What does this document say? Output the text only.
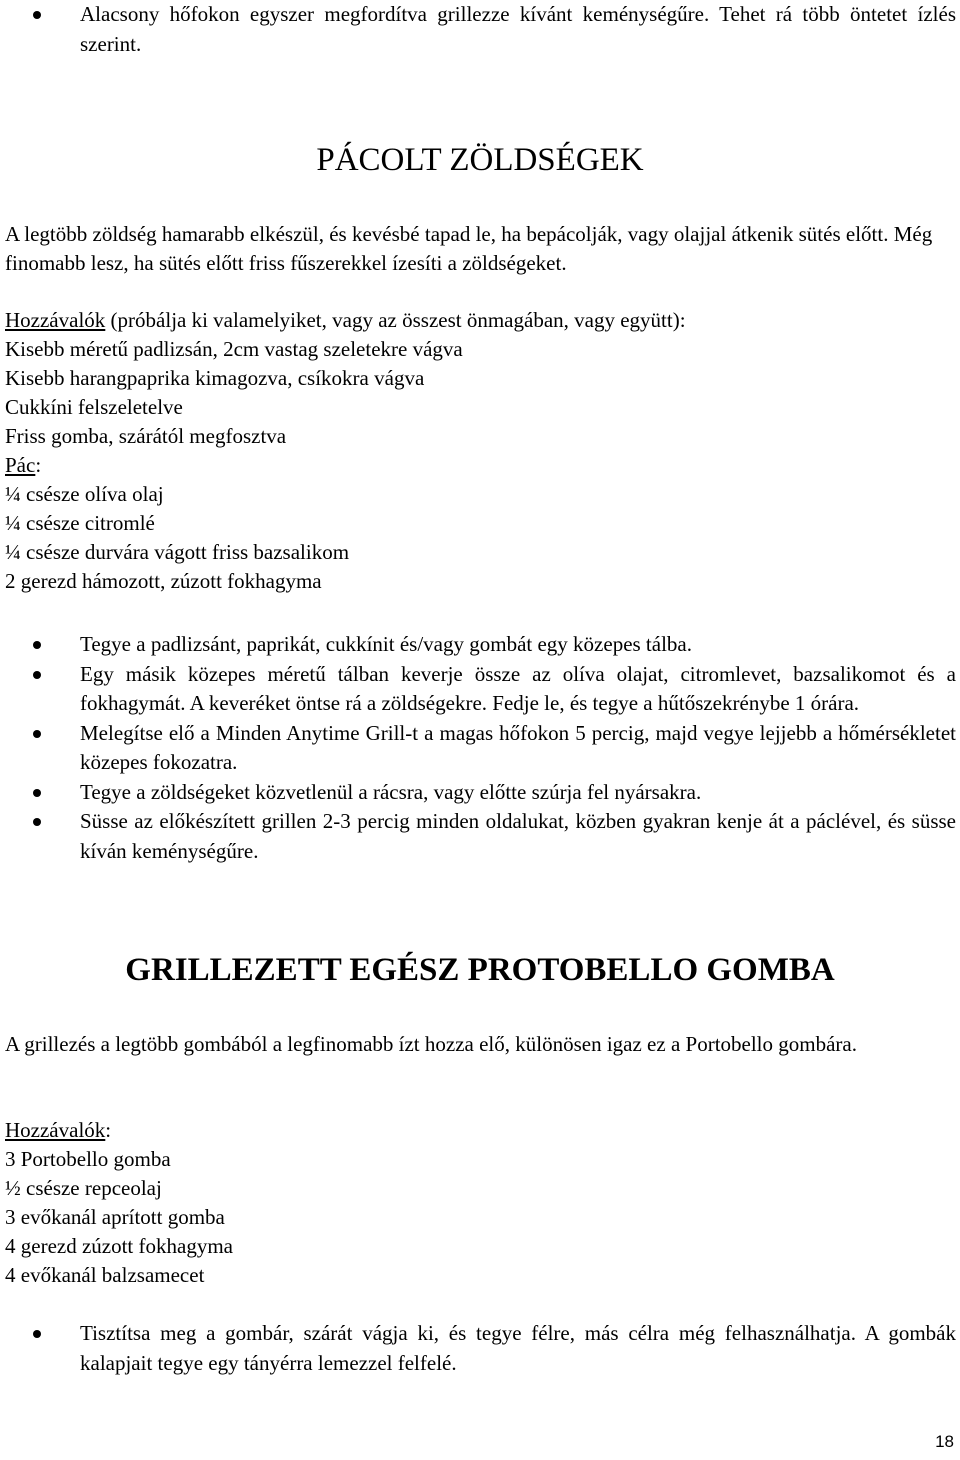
Alacsony hőfokon egyszer megfordítva grillezze kívánt keménységűre. Tehet rá több öntetet ízlés szerint.
PÁCOLT ZÖLDSÉGEK

A legtöbb zöldség hamarabb elkészül, és kevésbé tapad le, ha bepácolják, vagy olajjal átkenik sütés előtt. Még finomabb lesz, ha sütés előtt friss fűszerekkel ízesíti a zöldségeket.

Hozzávalók (próbálja ki valamelyiket, vagy az összest önmagában, vagy együtt):
Kisebb méretű padlizsán, 2cm vastag szeletekre vágva
Kisebb harangpaprika kimagozva, csíkokra vágva
Cukkíni felszeletelve
Friss gomba, szárától megfosztva
Pác:
¼ csésze olíva olaj
¼ csésze citromlé
¼ csésze durvára vágott friss bazsalikom
2 gerezd hámozott, zúzott fokhagyma
Tegye a padlizsánt, paprikát, cukkínit és/vagy gombát egy közepes tálba.
Egy másik közepes méretű tálban keverje össze az olíva olajat, citromlevet, bazsalikomot és a fokhagymát. A keveréket öntse rá a zöldségekre. Fedje le, és tegye a hűtőszekrénybe 1 órára.
Melegítse elő a Minden Anytime Grill-t a magas hőfokon 5 percig, majd vegye lejjebb a hőmérsékletet közepes fokozatra.
Tegye a zöldségeket közvetlenül a rácsra, vagy előtte szúrja fel nyársakra.
Süsse az előkészített grillen 2-3 percig minden oldalukat, közben gyakran kenje át a páclével, és süsse kíván keménységűre.
GRILLEZETT EGÉSZ PROTOBELLO GOMBA

A grillezés a legtöbb gombából a legfinomabb ízt hozza elő, különösen igaz ez a Portobello gombára.

Hozzávalók:
3 Portobello gomba
½ csésze repceolaj
3 evőkanál aprított gomba
4 gerezd zúzott fokhagyma
4 evőkanál balzsamecet
Tisztítsa meg a gombár, szárát vágja ki, és tegye félre, más célra még felhasználhatja. A gombák kalapjait tegye egy tányérra lemezzel felfelé.
18
